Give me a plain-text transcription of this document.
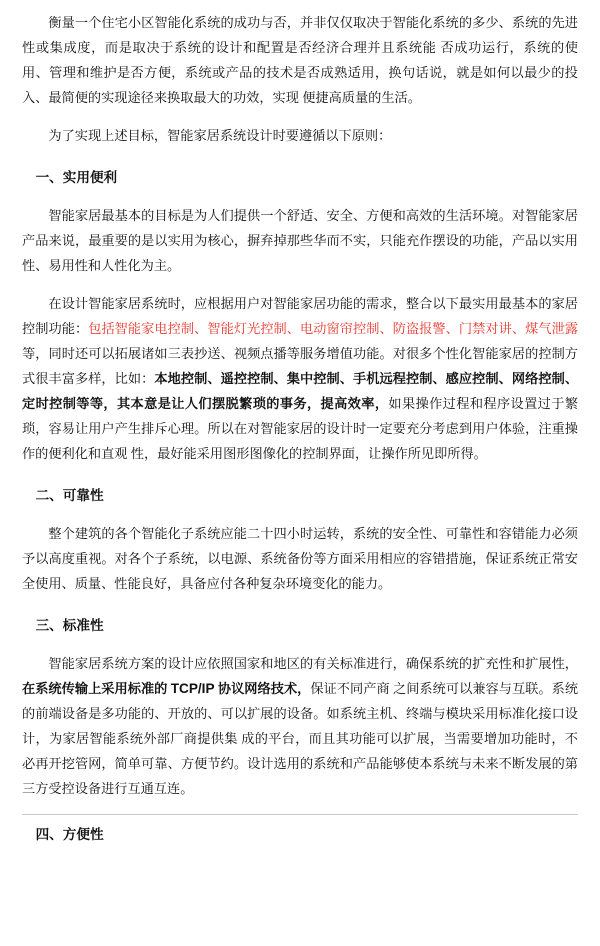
衡量一个住宅小区智能化系统的成功与否，并非仅仅取决于智能化系统的多少、系统的先进性或集成度，而是取决于系统的设计和配置是否经济合理并且系统能 否成功运行，系统的使用、管理和维护是否方便，系统或产品的技术是否成熟适用，换句话说，就是如何以最少的投入、最简便的实现途径来换取最大的功效，实现 便捷高质量的生活。

为了实现上述目标，智能家居系统设计时要遵循以下原则：

一、实用便利

智能家居最基本的目标是为人们提供一个舒适、安全、方便和高效的生活环境。对智能家居产品来说，最重要的是以实用为核心，摒弃掉那些华而不实，只能充作摆设的功能，产品以实用性、易用性和人性化为主。

在设计智能家居系统时，应根据用户对智能家居功能的需求，整合以下最实用最基本的家居控制功能：包括智能家电控制、智能灯光控制、电动窗帘控制、防盗报警、门禁对讲、煤气泄露等，同时还可以拓展诸如三表抄送、视频点播等服务增值功能。对很多个性化智能家居的控制方式很丰富多样，比如：本地控制、遥控控制、集中控制、手机远程控制、感应控制、网络控制、定时控制等等，其本意是让人们摆脱繁琐的事务，提高效率，如果操作过程和程序设置过于繁琐，容易让用户产生排斥心理。所以在对智能家居的设计时一定要充分考虑到用户体验，注重操作的便利化和直观 性，最好能采用图形图像化的控制界面，让操作所见即所得。

二、可靠性

整个建筑的各个智能化子系统应能二十四小时运转，系统的安全性、可靠性和容错能力必须予以高度重视。对各个子系统，以电源、系统备份等方面采用相应的容错措施，保证系统正常安全使用、质量、性能良好，具备应付各种复杂环境变化的能力。

三、标准性

智能家居系统方案的设计应依照国家和地区的有关标准进行，确保系统的扩充性和扩展性，在系统传输上采用标准的 TCP/IP 协议网络技术，保证不同产商 之间系统可以兼容与互联。系统的前端设备是多功能的、开放的、可以扩展的设备。如系统主机、终端与模块采用标准化接口设计，为家居智能系统外部厂商提供集 成的平台，而且其功能可以扩展，当需要增加功能时，不必再开挖管网，简单可靠、方便节约。设计选用的系统和产品能够使本系统与未来不断发展的第三方受控设备进行互通互连。

四、方便性
